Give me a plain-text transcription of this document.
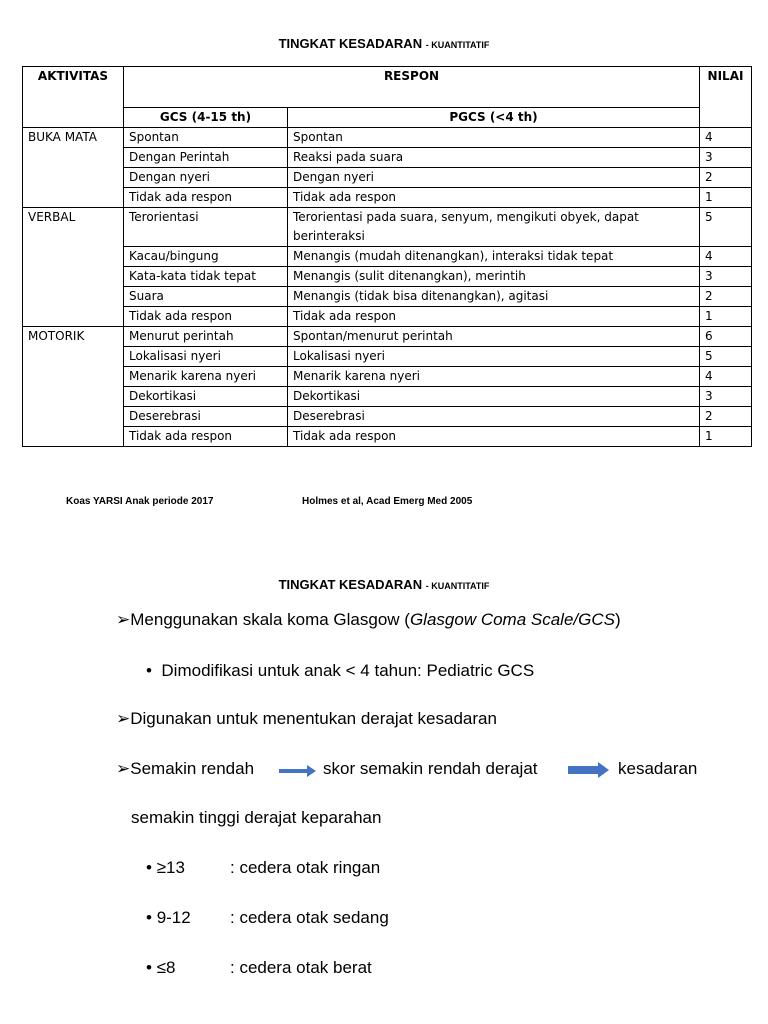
TINGKAT KESADARAN - KUANTITATIF
AKTIVITAS	RESPON		NILAI
	GCS (4-15 th)	PGCS (<4 th)	
BUKA MATA	Spontan	Spontan	4
	Dengan Perintah	Reaksi pada suara	3
	Dengan nyeri	Dengan nyeri	2
	Tidak ada respon	Tidak ada respon	1
VERBAL	Terorientasi	Terorientasi pada suara, senyum, mengikuti obyek, dapat berinteraksi	5
	Kacau/bingung	Menangis (mudah ditenangkan), interaksi tidak tepat	4
	Kata-kata tidak tepat	Menangis (sulit ditenangkan), merintih	3
	Suara	Menangis (tidak bisa ditenangkan), agitasi	2
	Tidak ada respon	Tidak ada respon	1
MOTORIK	Menurut perintah	Spontan/menurut perintah	6
	Lokalisasi nyeri	Lokalisasi nyeri	5
	Menarik karena nyeri	Menarik karena nyeri	4
	Dekortikasi	Dekortikasi	3
	Deserebrasi	Deserebrasi	2
	Tidak ada respon	Tidak ada respon	1
Koas YARSI Anak periode 2017	Holmes et al, Acad Emerg Med 2005
TINGKAT KESADARAN - KUANTITATIF
➢Menggunakan skala koma Glasgow (Glasgow Coma Scale/GCS)
• Dimodifikasi untuk anak < 4 tahun: Pediatric GCS
➢Digunakan untuk menentukan derajat kesadaran
➢Semakin rendah	skor semakin rendah derajat	kesadaran
semakin tinggi derajat keparahan
• ≥13	: cedera otak ringan
• 9-12 : cedera otak sedang
• ≤8	: cedera otak berat
